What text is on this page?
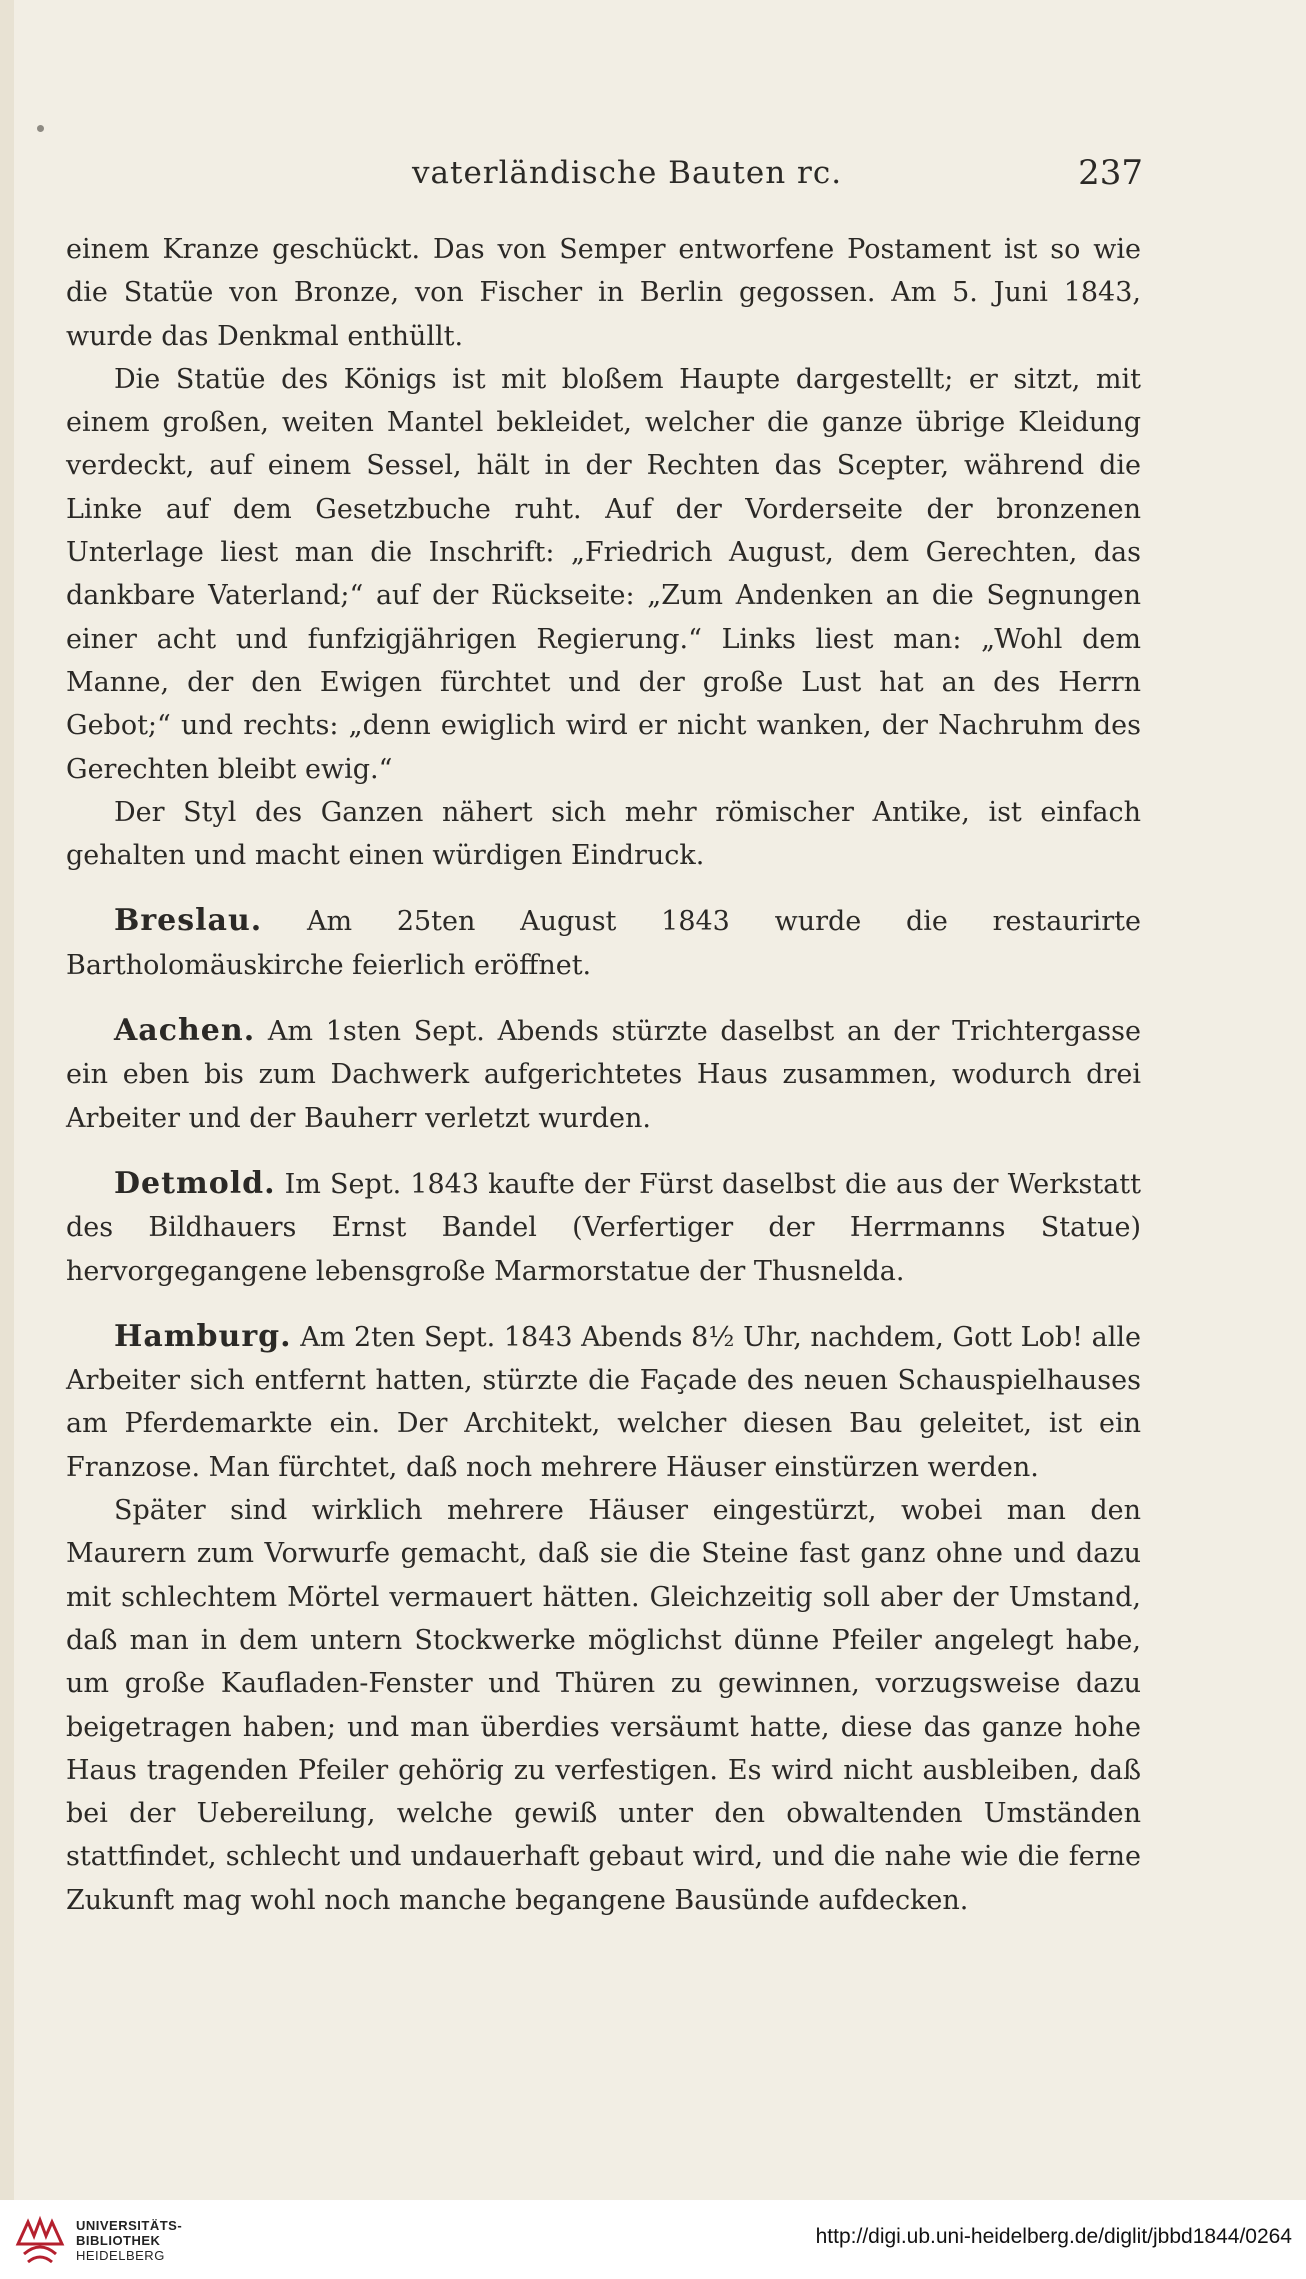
vaterländische Bauten rc.	237

einem Kranze geschückt. Das von Semper entworfene Postament ist so wie die Statüe von Bronze, von Fischer in Berlin gegossen. Am 5. Juni 1843, wurde das Denkmal enthüllt.

Die Statüe des Königs ist mit bloßem Haupte dargestellt; er sitzt, mit einem großen, weiten Mantel bekleidet, welcher die ganze übrige Kleidung verdeckt, auf einem Sessel, hält in der Rechten das Scepter, während die Linke auf dem Gesetzbuche ruht. Auf der Vorderseite der bronzenen Unterlage liest man die Inschrift: „Friedrich August, dem Gerechten, das dankbare Vaterland;“ auf der Rückseite: „Zum Andenken an die Segnungen einer acht und funfzigjährigen Regierung.“ Links liest man: „Wohl dem Manne, der den Ewigen fürchtet und der große Lust hat an des Herrn Gebot;“ und rechts: „denn ewiglich wird er nicht wanken, der Nachruhm des Gerechten bleibt ewig.“

Der Styl des Ganzen nähert sich mehr römischer Antike, ist einfach gehalten und macht einen würdigen Eindruck.

Breslau. Am 25ten August 1843 wurde die restaurirte Bartholomäuskirche feierlich eröffnet.

Aachen. Am 1sten Sept. Abends stürzte daselbst an der Trichtergasse ein eben bis zum Dachwerk aufgerichtetes Haus zusammen, wodurch drei Arbeiter und der Bauherr verletzt wurden.

Detmold. Im Sept. 1843 kaufte der Fürst daselbst die aus der Werkstatt des Bildhauers Ernst Bandel (Verfertiger der Herrmanns Statue) hervorgegangene lebensgroße Marmorstatue der Thusnelda.

Hamburg. Am 2ten Sept. 1843 Abends 8½ Uhr, nachdem, Gott Lob! alle Arbeiter sich entfernt hatten, stürzte die Façade des neuen Schauspielhauses am Pferdemarkte ein. Der Architekt, welcher diesen Bau geleitet, ist ein Franzose. Man fürchtet, daß noch mehrere Häuser einstürzen werden.

Später sind wirklich mehrere Häuser eingestürzt, wobei man den Maurern zum Vorwurfe gemacht, daß sie die Steine fast ganz ohne und dazu mit schlechtem Mörtel vermauert hätten. Gleichzeitig soll aber der Umstand, daß man in dem untern Stockwerke möglichst dünne Pfeiler angelegt habe, um große Kaufladen-Fenster und Thüren zu gewinnen, vorzugsweise dazu beigetragen haben; und man überdies versäumt hatte, diese das ganze hohe Haus tragenden Pfeiler gehörig zu verfestigen. Es wird nicht ausbleiben, daß bei der Uebereilung, welche gewiß unter den obwaltenden Umständen stattfindet, schlecht und undauerhaft gebaut wird, und die nahe wie die ferne Zukunft mag wohl noch manche begangene Bausünde aufdecken.

UNIVERSITÄTS-
BIBLIOTHEK
HEIDELBERG
http://digi.ub.uni-heidelberg.de/diglit/jbbd1844/0264
